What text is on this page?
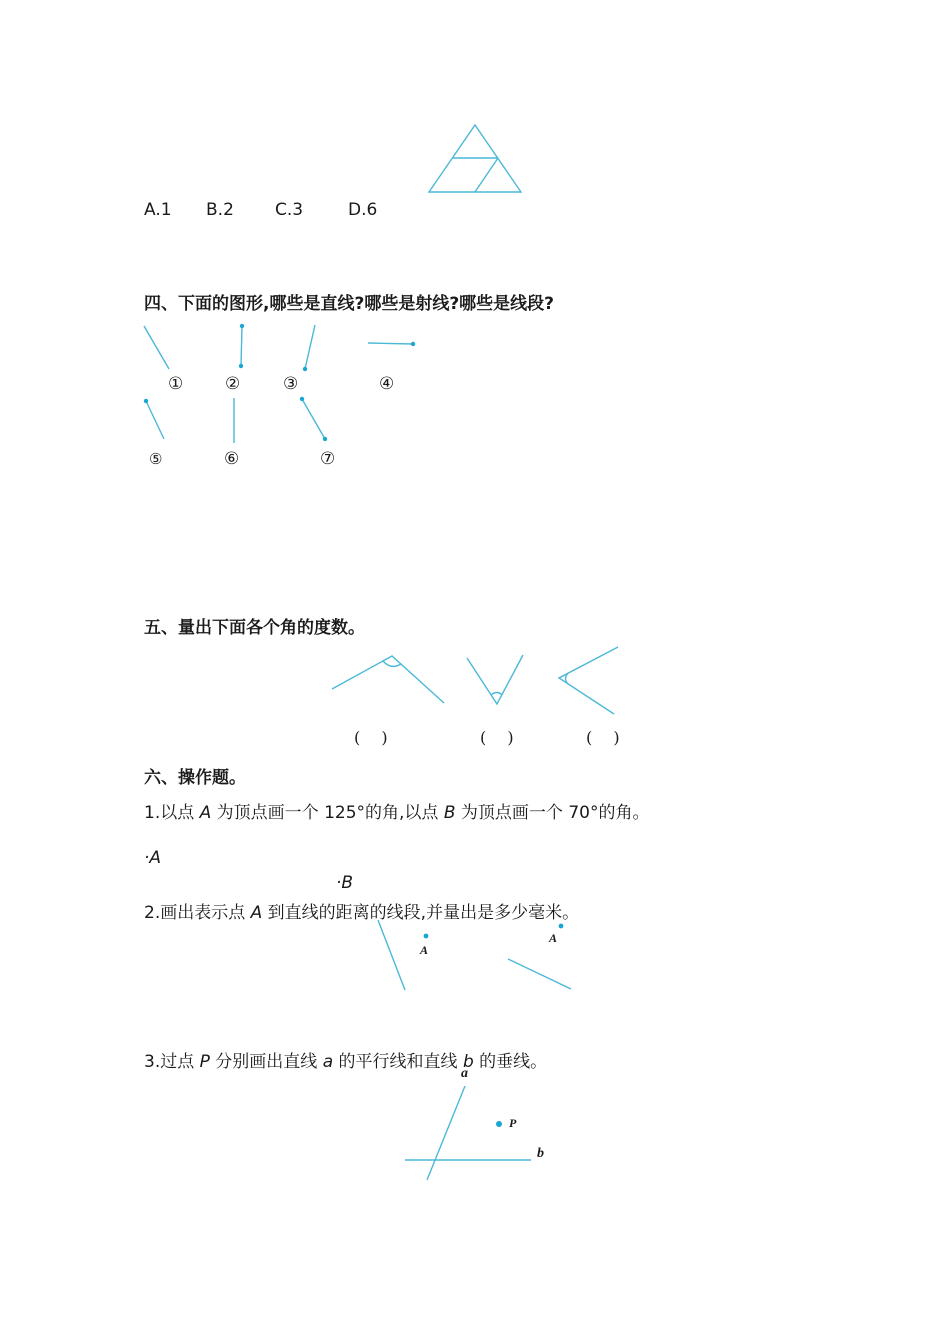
A.1 B.2 C.3	D.6
四、下面的图形,哪些是直线?哪些是射线?哪些是线段?
① ②	③	④
⑤	⑥	⑦
五、量出下面各个角的度数。
(　 )	(　 )	(　 )
六、操作题。
1.以点 A 为顶点画一个 125°的角,以点 B 为顶点画一个 70°的角。
·A
·B
2.画出表示点 A 到直线的距离的线段,并量出是多少毫米。
A
A
3.过点 P 分别画出直线 a 的平行线和直线 b 的垂线。
a
P
b
